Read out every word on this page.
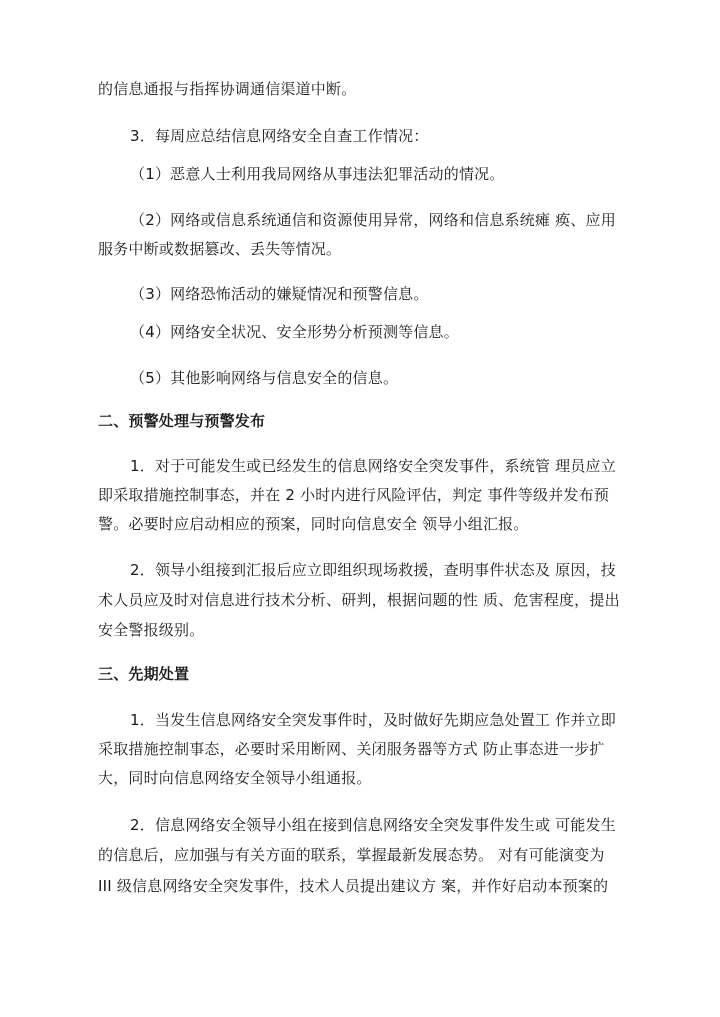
的信息通报与指挥协调通信渠道中断。
3．每周应总结信息网络安全自查工作情况：
（1）恶意人士利用我局网络从事违法犯罪活动的情况。
（2）网络或信息系统通信和资源使用异常，网络和信息系统瘫 痪、应用
服务中断或数据篡改、丢失等情况。
（3）网络恐怖活动的嫌疑情况和预警信息。
（4）网络安全状况、安全形势分析预测等信息。
（5）其他影响网络与信息安全的信息。
二、预警处理与预警发布
1．对于可能发生或已经发生的信息网络安全突发事件，系统管 理员应立
即采取措施控制事态，并在 2 小时内进行风险评估，判定 事件等级并发布预
警。必要时应启动相应的预案，同时向信息安全 领导小组汇报。
2．领导小组接到汇报后应立即组织现场救援，查明事件状态及 原因，技
术人员应及时对信息进行技术分析、研判，根据问题的性 质、危害程度，提出
安全警报级别。
三、先期处置
1．当发生信息网络安全突发事件时，及时做好先期应急处置工 作并立即
采取措施控制事态，必要时采用断网、关闭服务器等方式 防止事态进一步扩
大，同时向信息网络安全领导小组通报。
2．信息网络安全领导小组在接到信息网络安全突发事件发生或 可能发生
的信息后，应加强与有关方面的联系，掌握最新发展态势。 对有可能演变为
III 级信息网络安全突发事件，技术人员提出建议方 案，并作好启动本预案的
